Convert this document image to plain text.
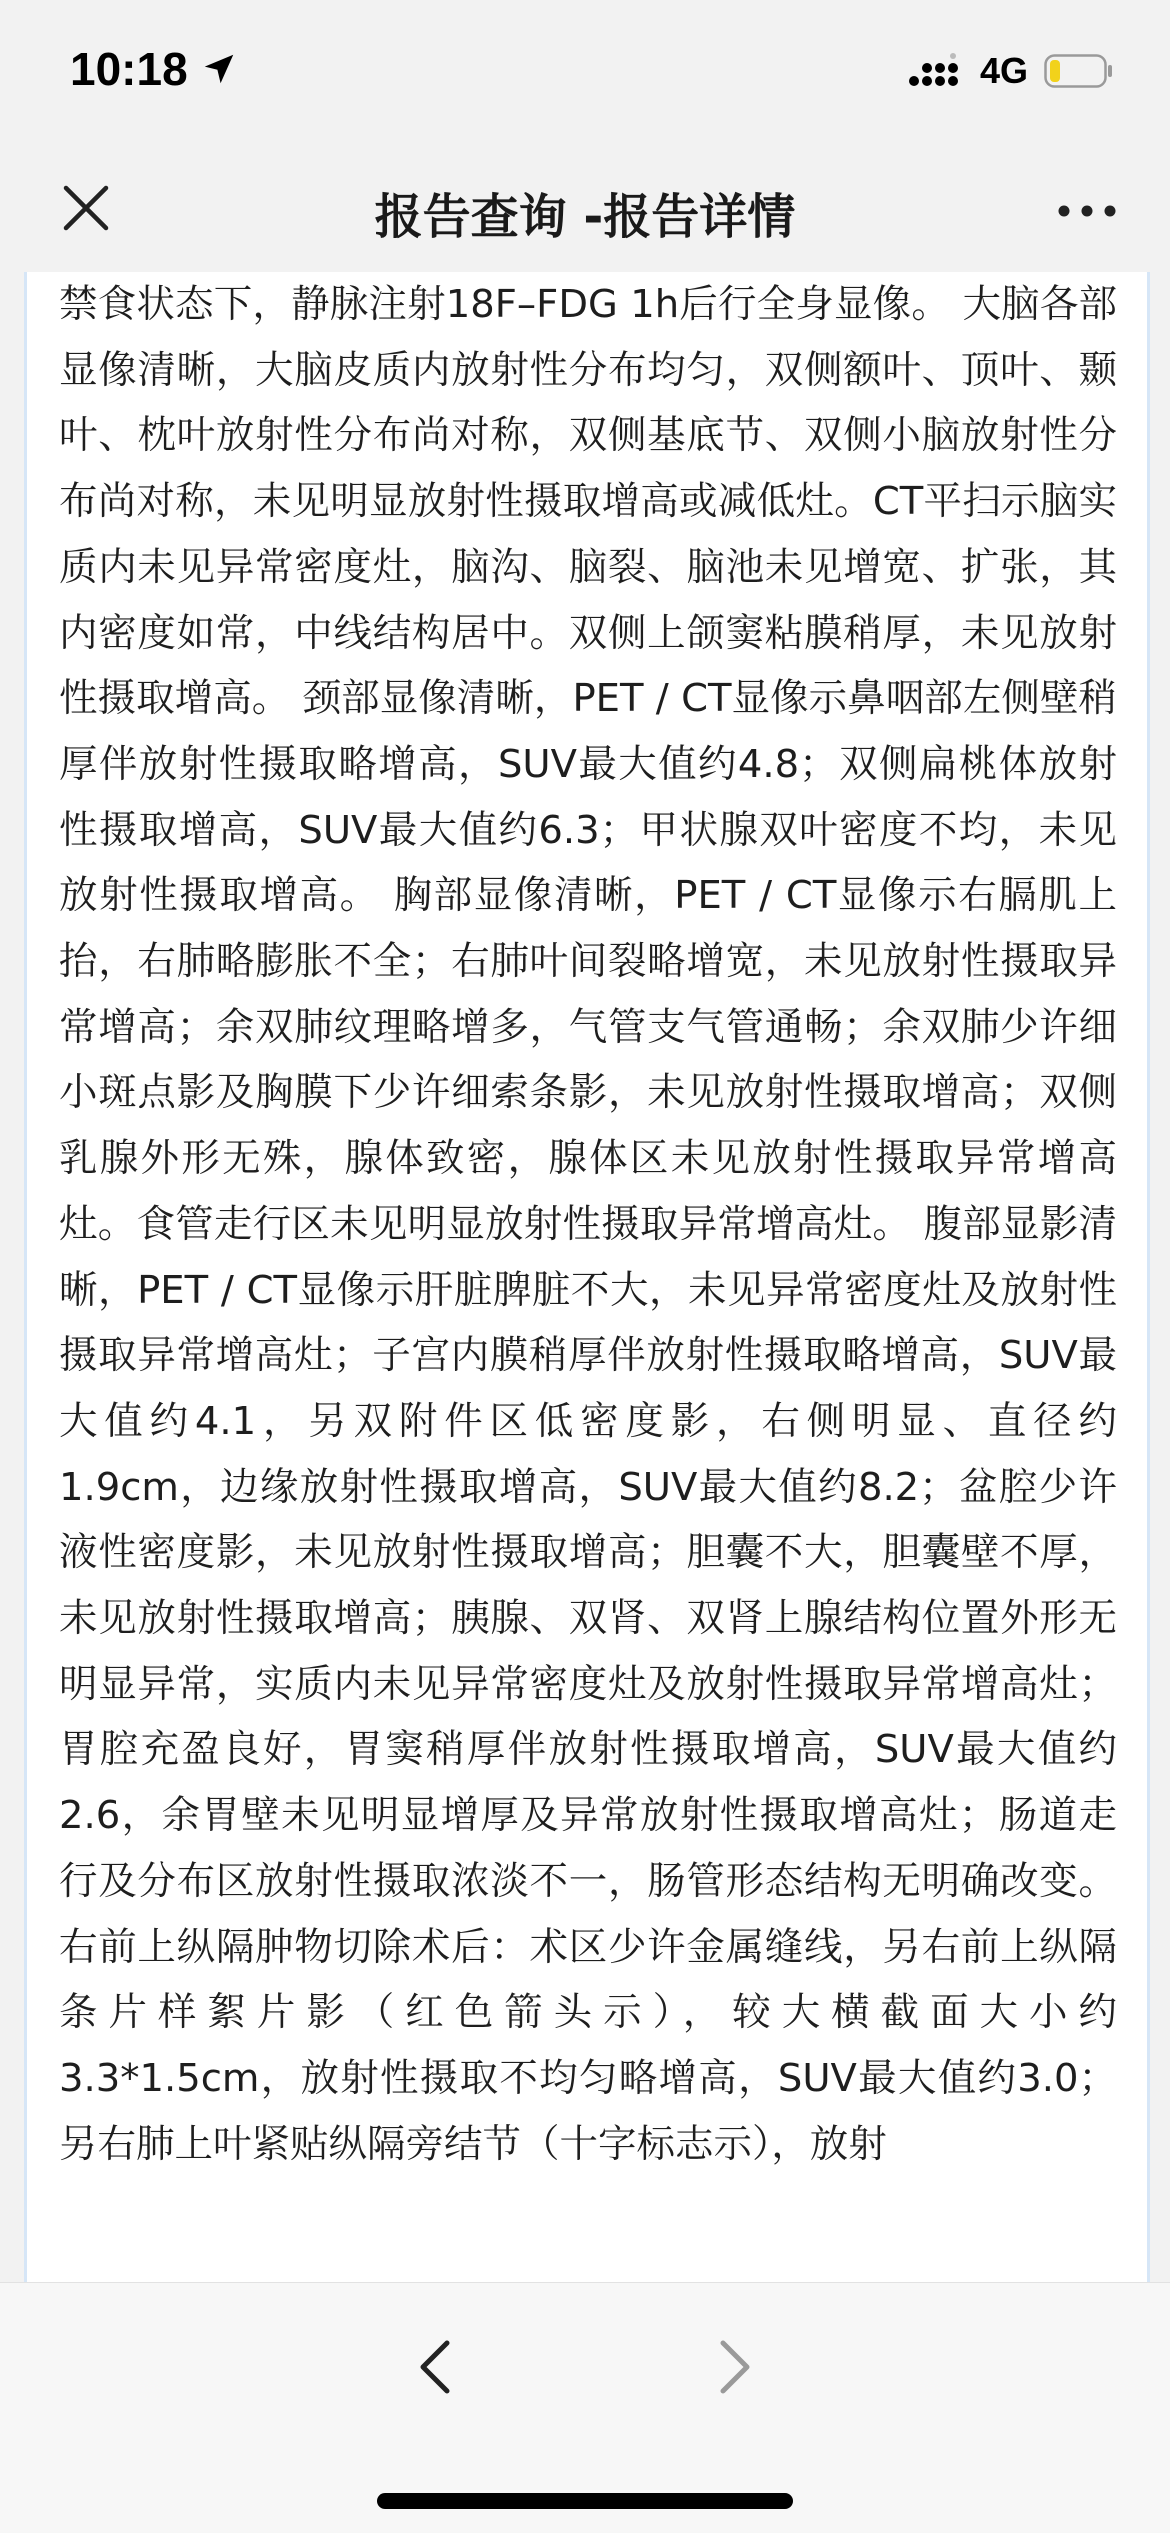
10:18	4G
报告查询 -报告详情

禁食状态下，静脉注射18F–FDG 1h后行全身显像。 大脑各部显像清晰，大脑皮质内放射性分布均匀，双侧额叶、顶叶、颞叶、枕叶放射性分布尚对称，双侧基底节、双侧小脑放射性分布尚对称，未见明显放射性摄取增高或减低灶。CT平扫示脑实质内未见异常密度灶，脑沟、脑裂、脑池未见增宽、扩张，其内密度如常，中线结构居中。双侧上颌窦粘膜稍厚，未见放射性摄取增高。 颈部显像清晰，PET / CT显像示鼻咽部左侧壁稍厚伴放射性摄取略增高，SUV最大值约4.8；双侧扁桃体放射性摄取增高，SUV最大值约6.3；甲状腺双叶密度不均，未见放射性摄取增高。 胸部显像清晰，PET / CT显像示右膈肌上抬，右肺略膨胀不全；右肺叶间裂略增宽，未见放射性摄取异常增高；余双肺纹理略增多，气管支气管通畅；余双肺少许细小斑点影及胸膜下少许细索条影，未见放射性摄取增高；双侧乳腺外形无殊，腺体致密，腺体区未见放射性摄取异常增高灶。食管走行区未见明显放射性摄取异常增高灶。 腹部显影清晰，PET / CT显像示肝脏脾脏不大，未见异常密度灶及放射性摄取异常增高灶；子宫内膜稍厚伴放射性摄取略增高，SUV最大值约4.1，另双附件区低密度影，右侧明显、直径约1.9cm，边缘放射性摄取增高，SUV最大值约8.2；盆腔少许液性密度影，未见放射性摄取增高；胆囊不大，胆囊壁不厚，未见放射性摄取增高；胰腺、双肾、双肾上腺结构位置外形无明显异常，实质内未见异常密度灶及放射性摄取异常增高灶；胃腔充盈良好，胃窦稍厚伴放射性摄取增高，SUV最大值约2.6，余胃壁未见明显增厚及异常放射性摄取增高灶；肠道走行及分布区放射性摄取浓淡不一，肠管形态结构无明确改变。 右前上纵隔肿物切除术后：术区少许金属缝线，另右前上纵隔条片样絮片影（红色箭头示），较大横截面大小约3.3*1.5cm，放射性摄取不均匀略增高，SUV最大值约3.0；另右肺上叶紧贴纵隔旁结节（十字标志示），放射
